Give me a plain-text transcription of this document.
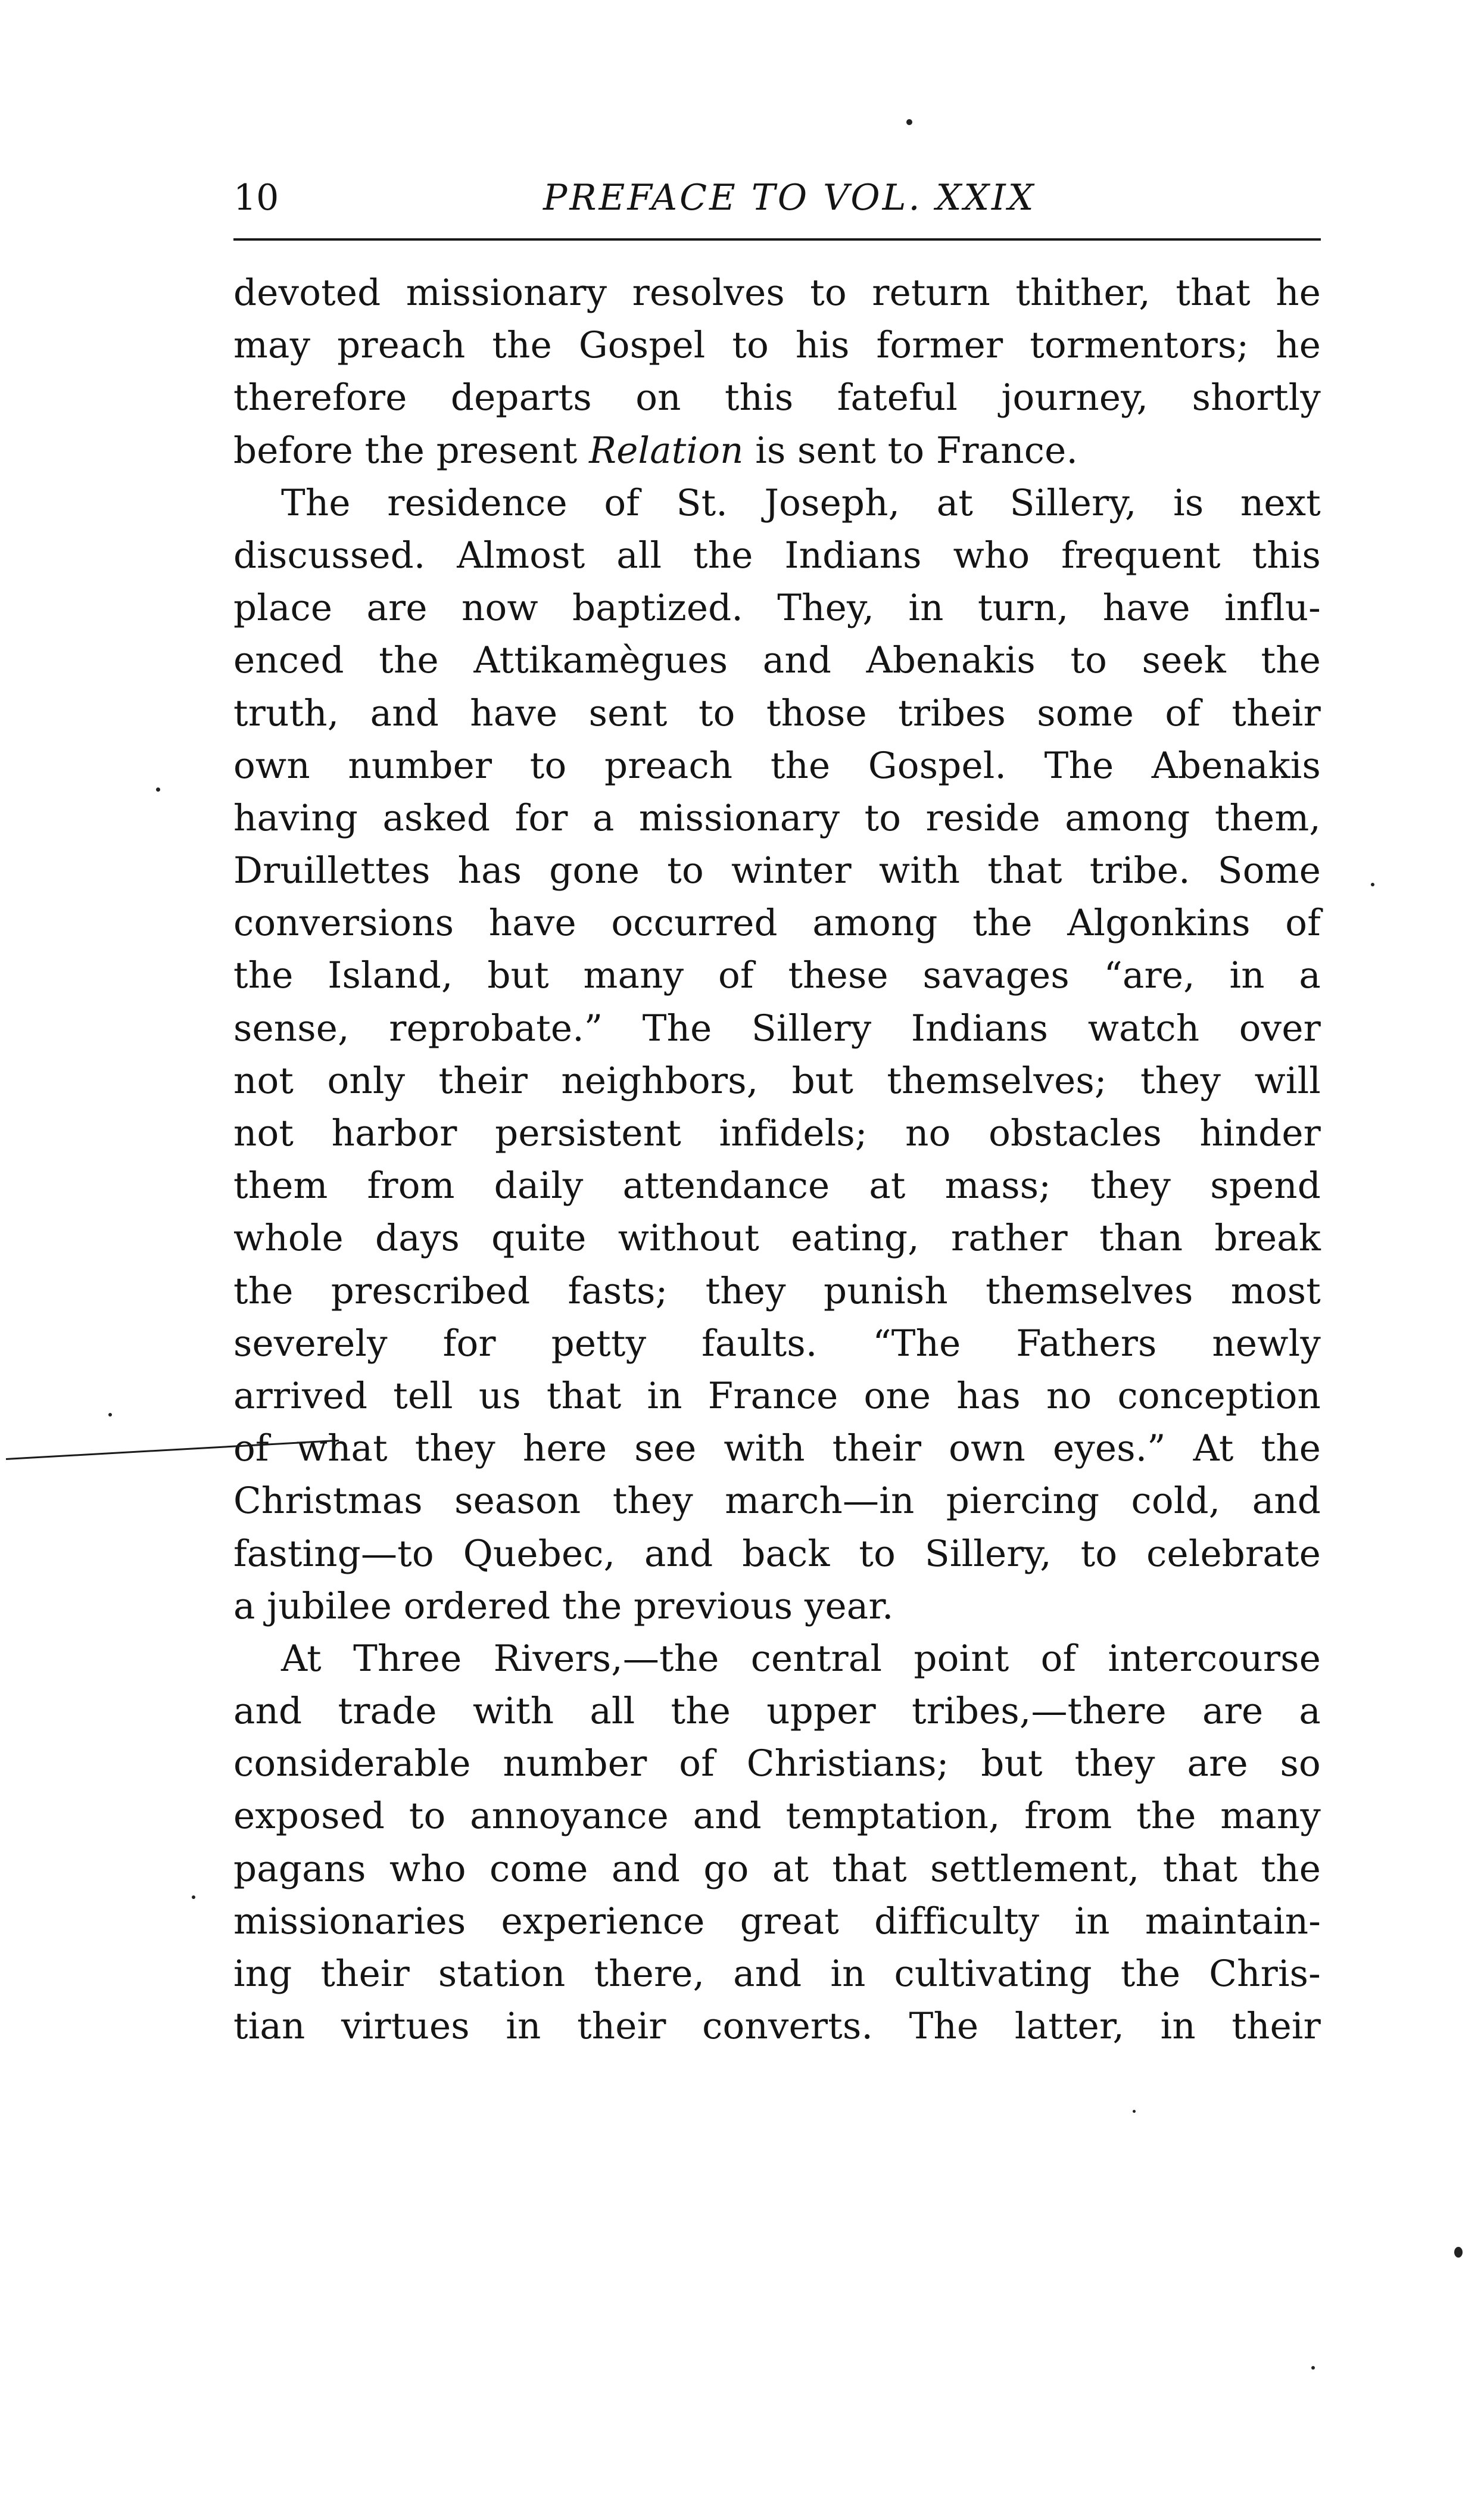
10	PREFACE TO VOL. XXIX
devoted missionary resolves to return thither, that he
may preach the Gospel to his former tormentors; he
therefore departs on this fateful journey, shortly
before the present Relation is sent to France.
The residence of St. Joseph, at Sillery, is next
discussed. Almost all the Indians who frequent this
place are now baptized. They, in turn, have influ-
enced the Attikamègues and Abenakis to seek the
truth, and have sent to those tribes some of their
own number to preach the Gospel. The Abenakis
having asked for a missionary to reside among them,
Druillettes has gone to winter with that tribe. Some
conversions have occurred among the Algonkins of
the Island, but many of these savages “are, in a
sense, reprobate.” The Sillery Indians watch over
not only their neighbors, but themselves; they will
not harbor persistent infidels; no obstacles hinder
them from daily attendance at mass; they spend
whole days quite without eating, rather than break
the prescribed fasts; they punish themselves most
severely for petty faults. “The Fathers newly
arrived tell us that in France one has no conception
of what they here see with their own eyes.” At the
Christmas season they march—in piercing cold, and
fasting—to Quebec, and back to Sillery, to celebrate
a jubilee ordered the previous year.
At Three Rivers,—the central point of intercourse
and trade with all the upper tribes,—there are a
considerable number of Christians; but they are so
exposed to annoyance and temptation, from the many
pagans who come and go at that settlement, that the
missionaries experience great difficulty in maintain-
ing their station there, and in cultivating the Chris-
tian virtues in their converts. The latter, in their
